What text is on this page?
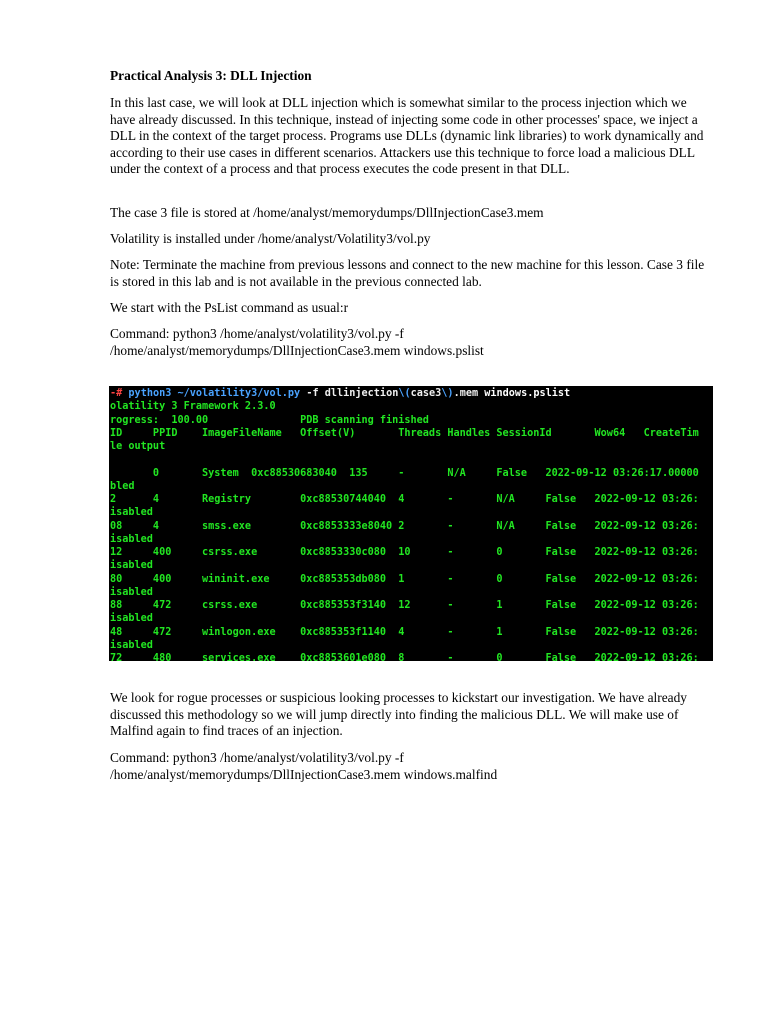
Practical Analysis 3: DLL Injection

In this last case, we will look at DLL injection which is somewhat similar to the process injection which we have already discussed. In this technique, instead of injecting some code in other processes' space, we inject a DLL in the context of the target process. Programs use DLLs (dynamic link libraries) to work dynamically and according to their use cases in different scenarios. Attackers use this technique to force load a malicious DLL under the context of a process and that process executes the code present in that DLL.

The case 3 file is stored at /home/analyst/memorydumps/DllInjectionCase3.mem

Volatility is installed under /home/analyst/Volatility3/vol.py

Note: Terminate the machine from previous lessons and connect to the new machine for this lesson. Case 3 file is stored in this lab and is not available in the previous connected lab.

We start with the PsList command as usual:r

Command: python3 /home/analyst/volatility3/vol.py -f /home/analyst/memorydumps/DllInjectionCase3.mem windows.pslist

-# python3 ~/volatility3/vol.py -f dllinjection\(case3\).mem windows.pslist

olatility 3 Framework 2.3.0

rogress:  100.00               PDB scanning finished

ID     PPID    ImageFileName   Offset(V)       Threads Handles SessionId       Wow64   CreateTim

le output

0       System  0xc88530683040  135     -       N/A     False   2022-09-12 03:26:17.00000

bled

2      4       Registry        0xc88530744040  4       -       N/A     False   2022-09-12 03:26:

isabled

08     4       smss.exe        0xc8853333e8040 2       -       N/A     False   2022-09-12 03:26:

isabled

12     400     csrss.exe       0xc8853330c080  10      -       0       False   2022-09-12 03:26:

isabled

80     400     wininit.exe     0xc885353db080  1       -       0       False   2022-09-12 03:26:

isabled

88     472     csrss.exe       0xc885353f3140  12      -       1       False   2022-09-12 03:26:

isabled

48     472     winlogon.exe    0xc885353f1140  4       -       1       False   2022-09-12 03:26:

isabled

72     480     services.exe    0xc8853601e080  8       -       0       False   2022-09-12 03:26:

We look for rogue processes or suspicious looking processes to kickstart our investigation. We have already discussed this methodology so we will jump directly into finding the malicious DLL. We will make use of Malfind again to find traces of an injection.

Command: python3 /home/analyst/volatility3/vol.py -f /home/analyst/memorydumps/DllInjectionCase3.mem windows.malfind
